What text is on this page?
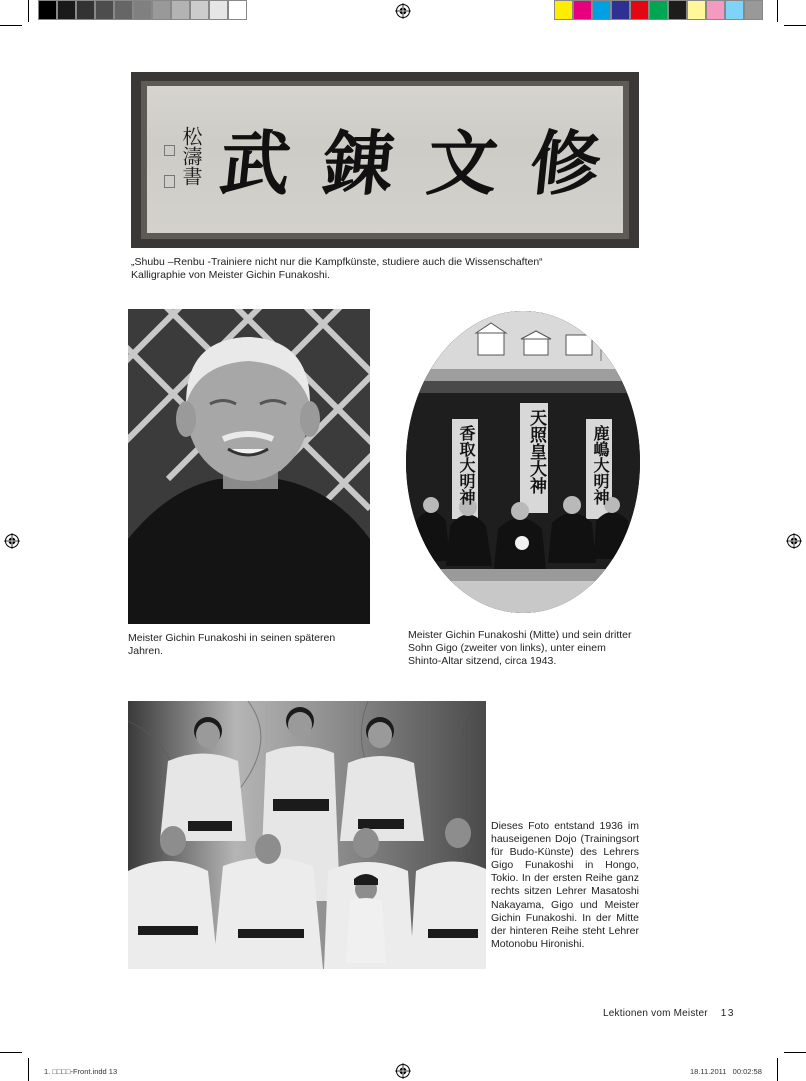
松濤書 武 錬 文 修
„Shubu –Renbu -Trainiere nicht nur die Kampfkünste, studiere auch die Wissenschaften“
Kalligraphie von Meister Gichin Funakoshi.
Meister Gichin Funakoshi in seinen späteren Jahren.
香取大明神	天照皇大神	鹿嶋大明神
Meister Gichin Funakoshi (Mitte) und sein dritter Sohn Gigo (zweiter von links), unter einem Shinto-Altar sitzend, circa 1943.
Dieses Foto entstand 1936 im hauseigenen Dojo (Trainingsort für Budo-Künste) des Lehrers Gigo Funakoshi in Hongo, Tokio. In der ersten Reihe ganz rechts sitzen Lehrer Masatoshi Nakayama, Gigo und Meister Gichin Funakoshi. In der Mitte der hinteren Reihe steht Lehrer Motonobu Hironishi.
Lektionen vom Meister 13
1. □□□□-Front.indd 13	18.11.2011   00:02:58
